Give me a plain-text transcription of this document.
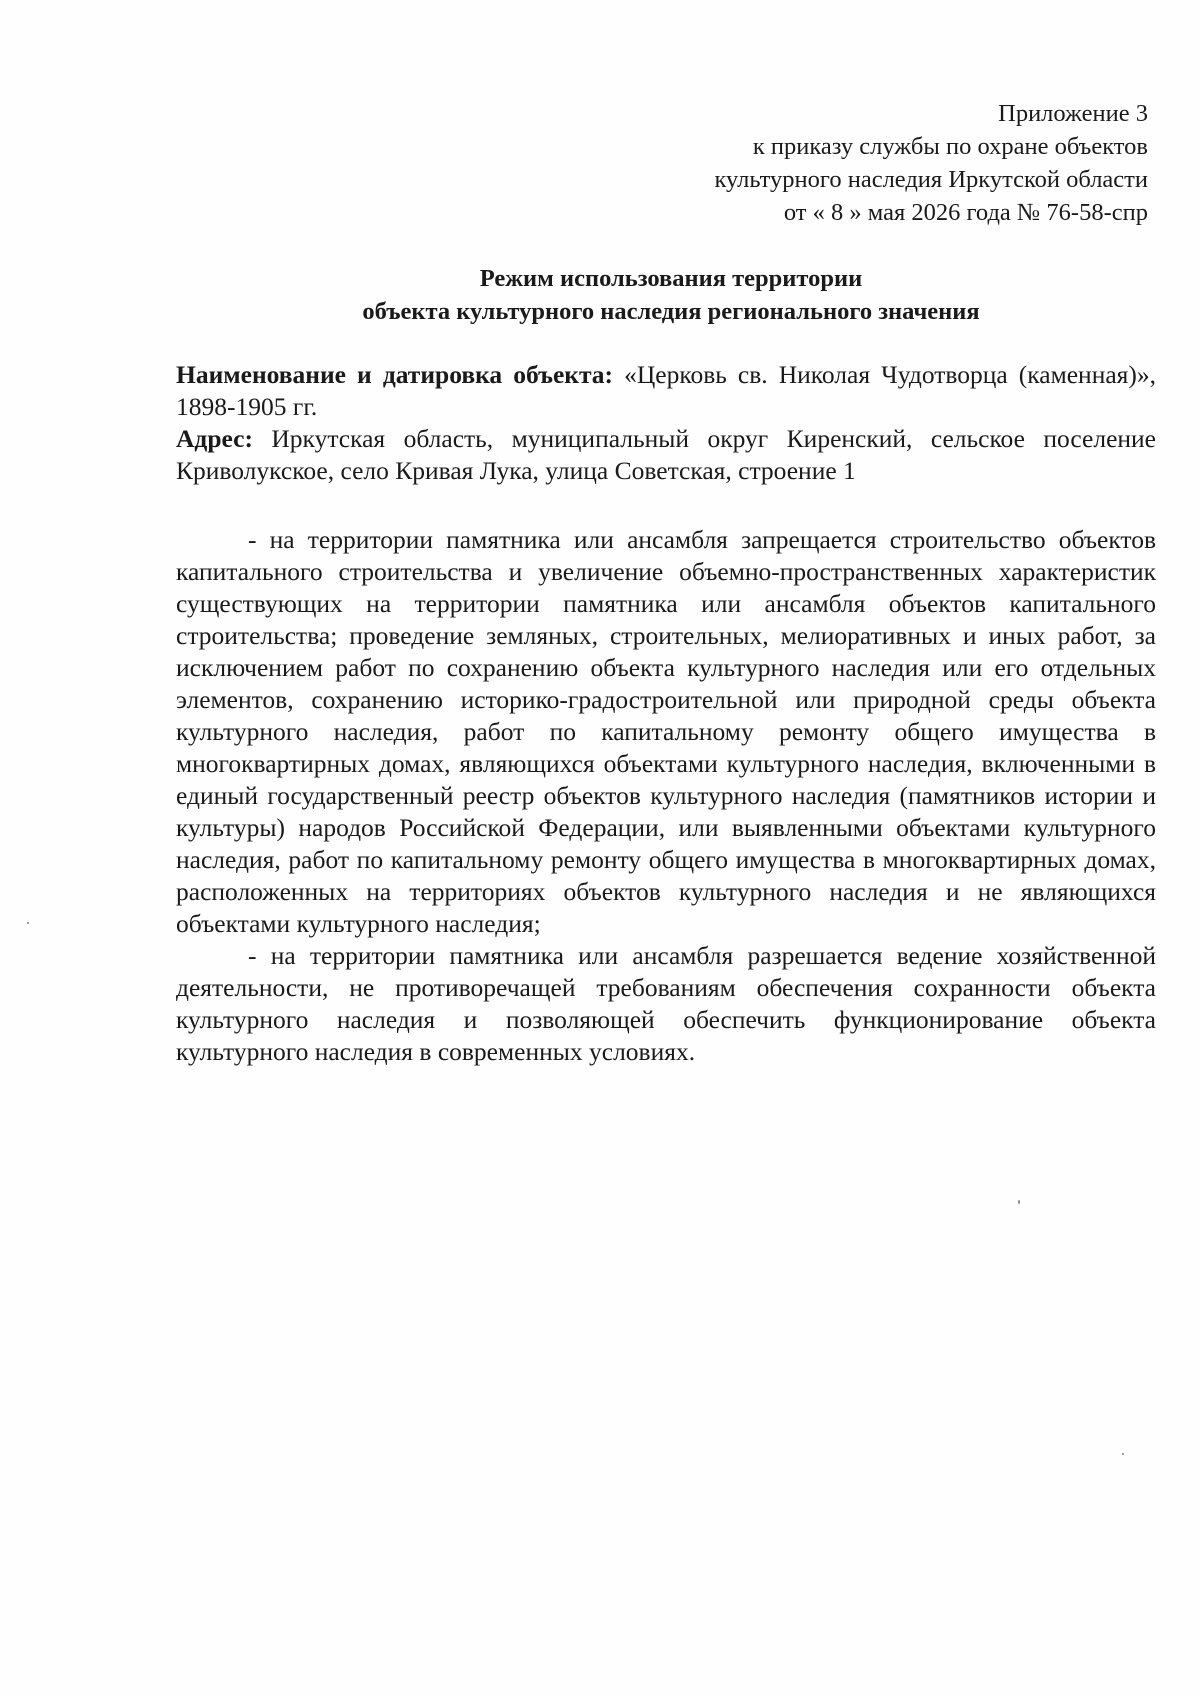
Приложение 3
к приказу службы по охране объектов
культурного наследия Иркутской области
от « 8 » мая 2026 года № 76-58-спр
Режим использования территории
объекта культурного наследия регионального значения

Наименование и датировка объекта: «Церковь св. Николая Чудотворца (каменная)», 1898-1905 гг.

Адрес: Иркутская область, муниципальный округ Киренский, сельское поселение Криволукское, село Кривая Лука, улица Советская, строение 1

- на территории памятника или ансамбля запрещается строительство объектов капитального строительства и увеличение объемно-пространственных характеристик существующих на территории памятника или ансамбля объектов капитального строительства; проведение земляных, строительных, мелиоративных и иных работ, за исключением работ по сохранению объекта культурного наследия или его отдельных элементов, сохранению историко-градостроительной или природной среды объекта культурного наследия, работ по капитальному ремонту общего имущества в многоквартирных домах, являющихся объектами культурного наследия, включенными в единый государственный реестр объектов культурного наследия (памятников истории и культуры) народов Российской Федерации, или выявленными объектами культурного наследия, работ по капитальному ремонту общего имущества в многоквартирных домах, расположенных на территориях объектов культурного наследия и не являющихся объектами культурного наследия;

- на территории памятника или ансамбля разрешается ведение хозяйственной деятельности, не противоречащей требованиям обеспечения сохранности объекта культурного наследия и позволяющей обеспечить функционирование объекта культурного наследия в современных условиях.
